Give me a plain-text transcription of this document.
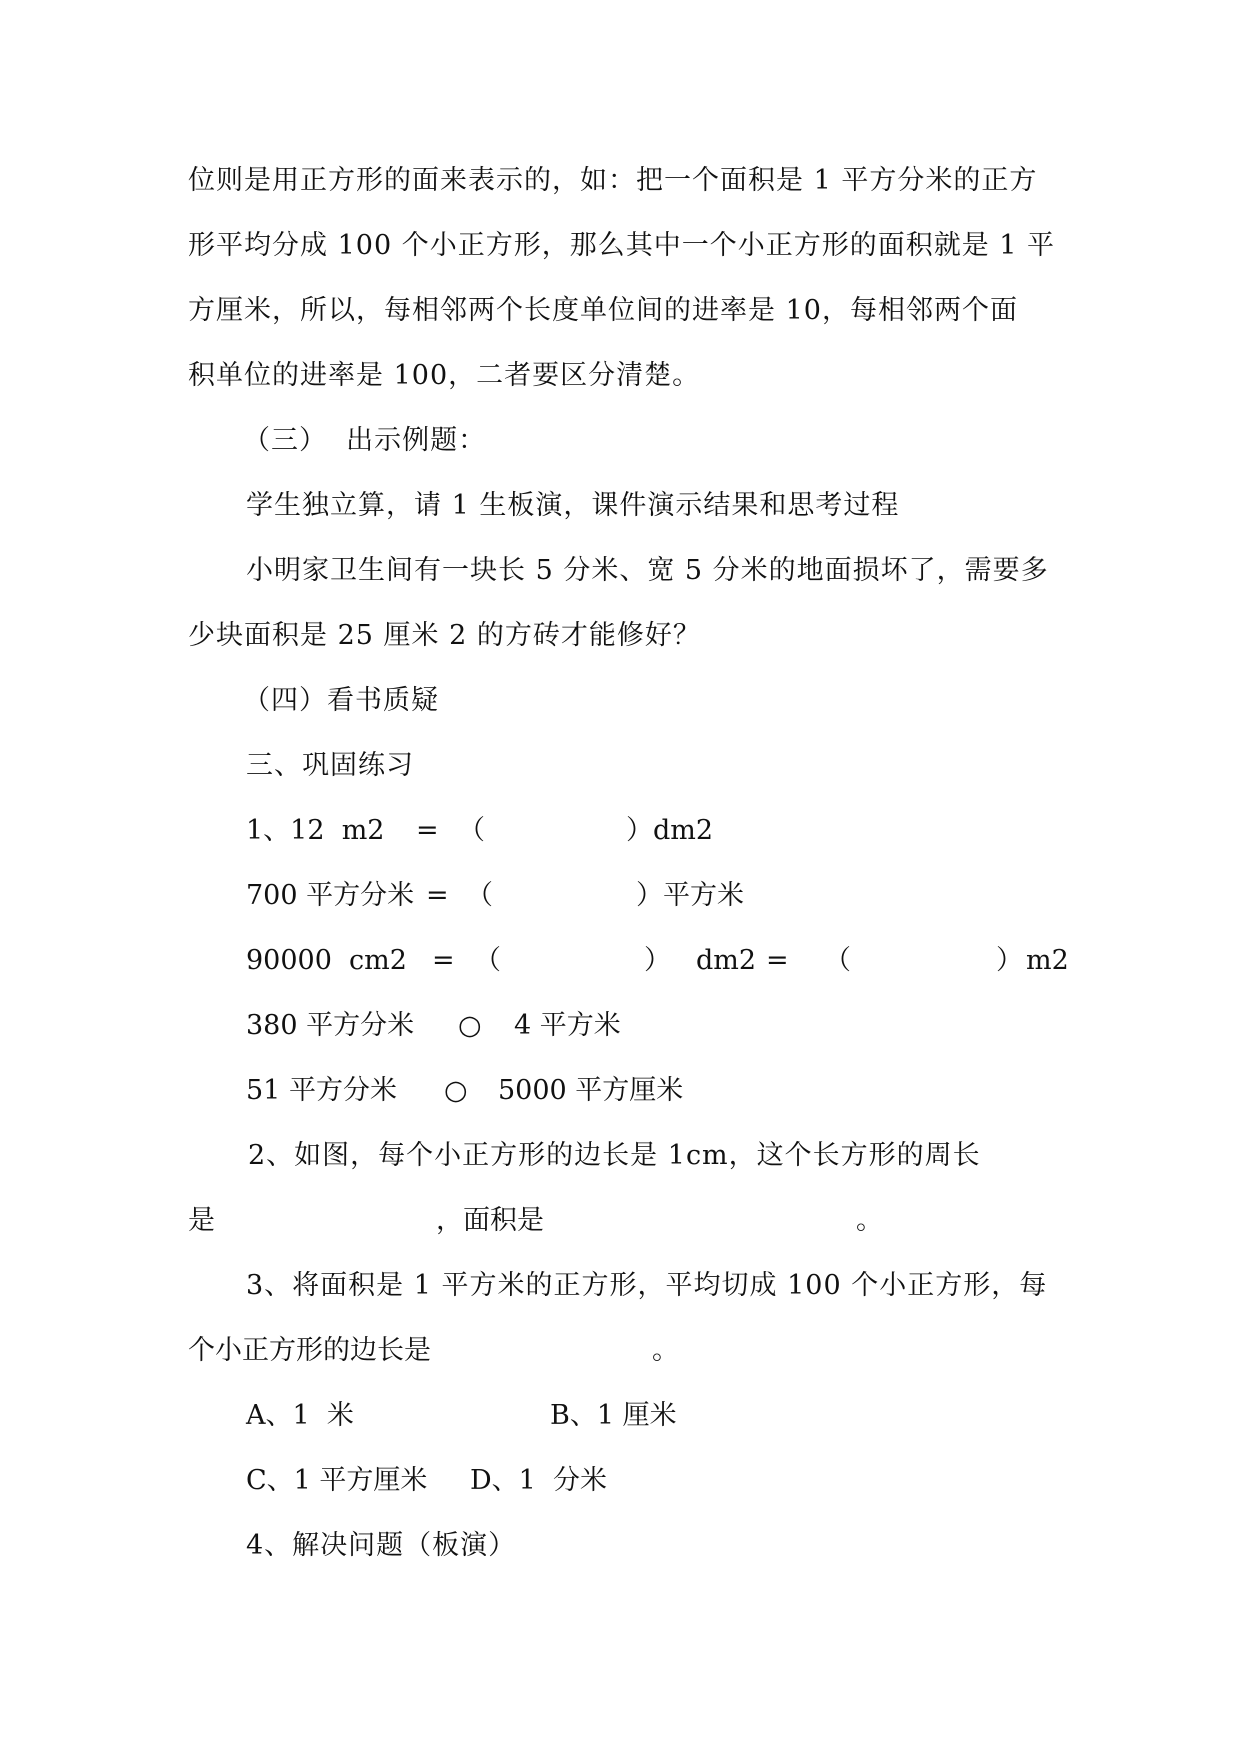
位则是用正方形的面来表示的，如：把一个面积是 1 平方分米的正方
形平均分成 100 个小正方形，那么其中一个小正方形的面积就是 1 平
方厘米，所以，每相邻两个长度单位间的进率是 10，每相邻两个面
积单位的进率是 100，二者要区分清楚。
（三）  出示例题：
学生独立算，请 1 生板演，课件演示结果和思考过程
小明家卫生间有一块长 5 分米、宽 5 分米的地面损坏了，需要多
少块面积是 25 厘米 2 的方砖才能修好？
（四）看书质疑
三、巩固练习
1、12  m2 = （	）dm2
700 平方分米 = （	）平方米
90000  cm2 = （	） dm2 = （	） m2
380 平方分米 ○ 4 平方米
51 平方分米 ○ 5000 平方厘米
2、如图，每个小正方形的边长是 1cm，这个长方形的周长
是	，面积是	。
3、将面积是 1 平方米的正方形，平均切成 100 个小正方形，每
个小正方形的边长是	。
A、1  米	B、1 厘米
C、1 平方厘米 D、1  分米
4、解决问题（板演）
